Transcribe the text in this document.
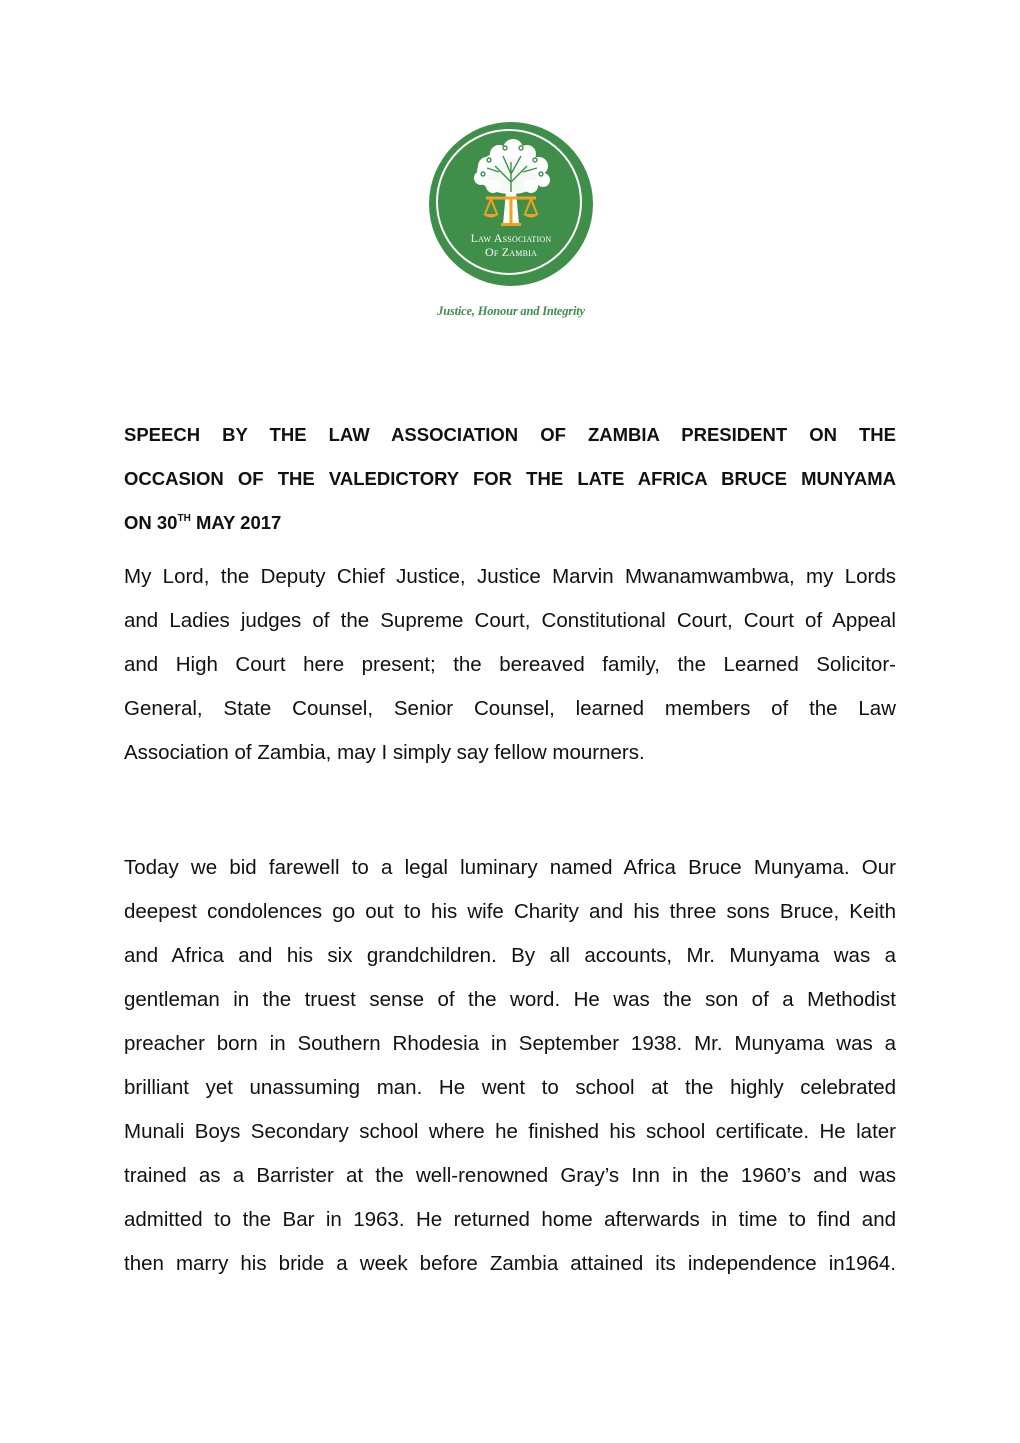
Law Association
Of Zambia
Justice, Honour and Integrity
SPEECH BY THE LAW ASSOCIATION OF ZAMBIA PRESIDENT ON THE
OCCASION OF THE VALEDICTORY FOR THE LATE AFRICA BRUCE MUNYAMA
ON 30TH MAY 2017
My Lord, the Deputy Chief Justice, Justice Marvin Mwanamwambwa, my Lords
and Ladies judges of the Supreme Court, Constitutional Court, Court of Appeal
and High Court here present; the bereaved family, the Learned Solicitor-
General, State Counsel, Senior Counsel, learned members of the Law
Association of Zambia, may I simply say fellow mourners.
Today we bid farewell to a legal luminary named Africa Bruce Munyama. Our
deepest condolences go out to his wife Charity and his three sons Bruce, Keith
and Africa and his six grandchildren. By all accounts, Mr. Munyama was a
gentleman in the truest sense of the word. He was the son of a Methodist
preacher born in Southern Rhodesia in September 1938. Mr. Munyama was a
brilliant yet unassuming man. He went to school at the highly celebrated
Munali Boys Secondary school where he finished his school certificate. He later
trained as a Barrister at the well-renowned Gray’s Inn in the 1960’s and was
admitted to the Bar in 1963. He returned home afterwards in time to find and
then marry his bride a week before Zambia attained its independence in1964.
